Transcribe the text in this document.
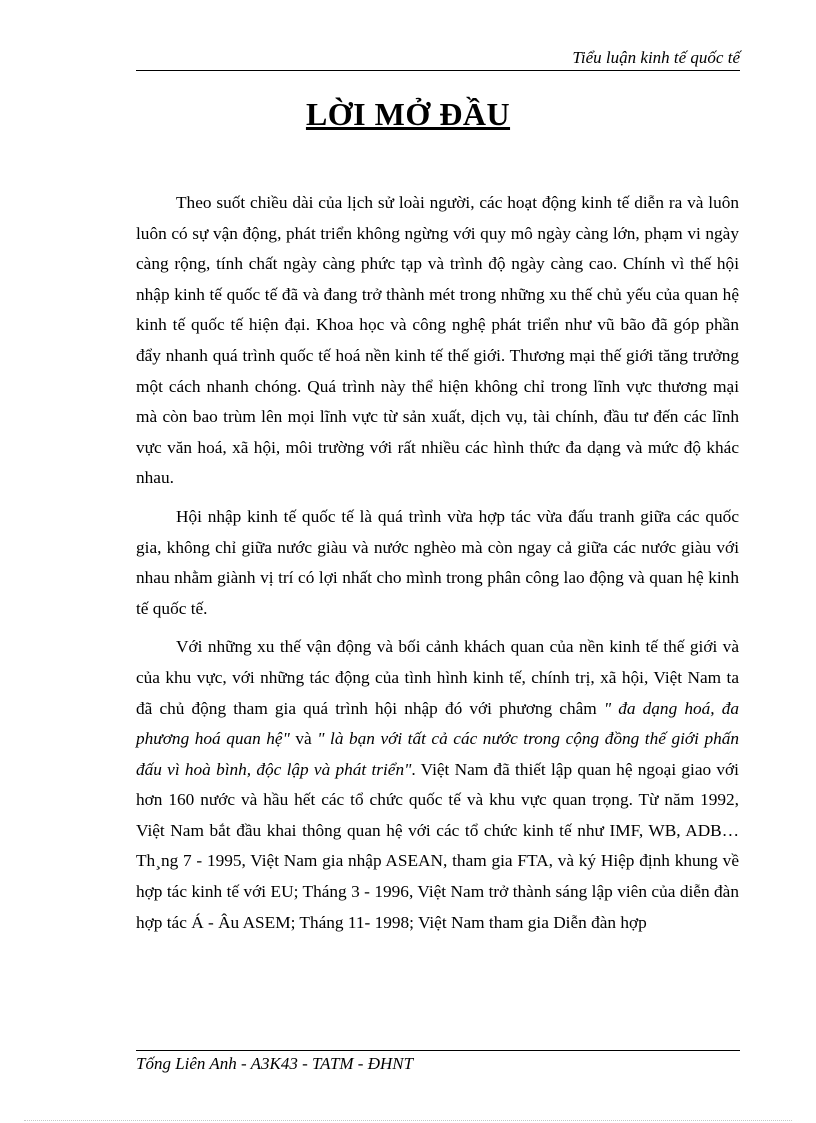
Tiểu luận kinh tế quốc tế
LỜI MỞ ĐẦU

Theo suốt chiều dài của lịch sử loài người, các hoạt động kinh tế diễn ra và luôn luôn có sự vận động, phát triển không ngừng với quy mô ngày càng lớn, phạm vi ngày càng rộng, tính chất ngày càng phức tạp và trình độ ngày càng cao. Chính vì thế hội nhập kinh tế quốc tế đã và đang trở thành mét trong những xu thế chủ yếu của quan hệ kinh tế quốc tế hiện đại. Khoa học và công nghệ phát triển như vũ bão đã góp phần đẩy nhanh quá trình quốc tế hoá nền kinh tế thế giới. Thương mại thế giới tăng trưởng một cách nhanh chóng. Quá trình này thể hiện không chỉ trong lĩnh vực thương mại mà còn bao trùm lên mọi lĩnh vực từ sản xuất, dịch vụ, tài chính, đầu tư đến các lĩnh vực văn hoá, xã hội, môi trường với rất nhiều các hình thức đa dạng và mức độ khác nhau.

Hội nhập kinh tế quốc tế là quá trình vừa hợp tác vừa đấu tranh giữa các quốc gia, không chỉ giữa nước giàu và nước nghèo mà còn ngay cả giữa các nước giàu với nhau nhằm giành vị trí có lợi nhất cho mình trong phân công lao động và quan hệ kinh tế quốc tế.

Với những xu thế vận động và bối cảnh khách quan của nền kinh tế thế giới và của khu vực, với những tác động của tình hình kinh tế, chính trị, xã hội, Việt Nam ta đã chủ động tham gia quá trình hội nhập đó với phương châm " đa dạng hoá, đa phương hoá quan hệ" và " là bạn với tất cả các nước trong cộng đồng thế giới phấn đấu vì hoà bình, độc lập và phát triển". Việt Nam đã thiết lập quan hệ ngoại giao với hơn 160 nước và hầu hết các tổ chức quốc tế và khu vực quan trọng. Từ năm 1992, Việt Nam bắt đầu khai thông quan hệ với các tổ chức kinh tế như IMF, WB, ADB…Th¸ng 7 - 1995, Việt Nam gia nhập ASEAN, tham gia FTA, và ký Hiệp định khung về hợp tác kinh tế với EU; Tháng 3 - 1996, Việt Nam trở thành sáng lập viên của diễn đàn hợp tác Á - Âu ASEM; Tháng 11- 1998; Việt Nam tham gia Diễn đàn hợp

Tống Liên Anh - A3K43 - TATM - ĐHNT
